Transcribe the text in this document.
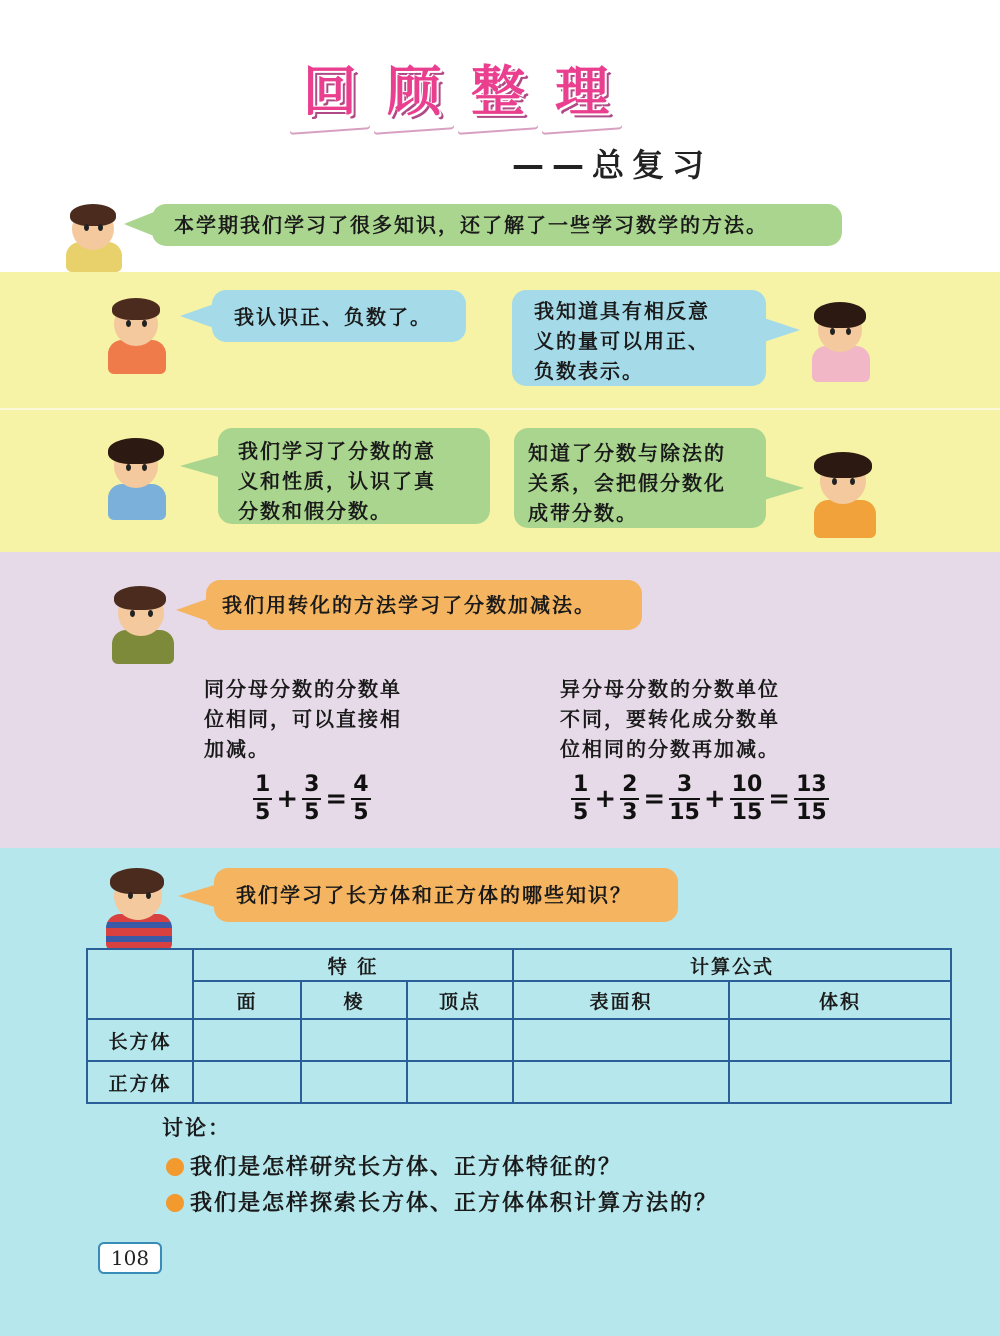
回 顾 整 理
——总复习
本学期我们学习了很多知识，还了解了一些学习数学的方法。
我认识正、负数了。	我知道具有相反意
义的量可以用正、
负数表示。
我们学习了分数的意
义和性质，认识了真
分数和假分数。
知道了分数与除法的
关系，会把假分数化
成带分数。
我们用转化的方法学习了分数加减法。
同分母分数的分数单
位相同，可以直接相
加减。
异分母分数的分数单位
不同，要转化成分数单
位相同的分数再加减。
$\frac{1}{5} + \frac{3}{5} = \frac{4}{5}$	$\frac{1}{5} + \frac{2}{3} = \frac{3}{15} + \frac{10}{15} = \frac{13}{15}$
我们学习了长方体和正方体的哪些知识？
	特 征			计算公式	
	面	棱	顶点	表面积	体积
长方体					
正方体					
讨论：
我们是怎样研究长方体、正方体特征的？
我们是怎样探索长方体、正方体体积计算方法的？
108
